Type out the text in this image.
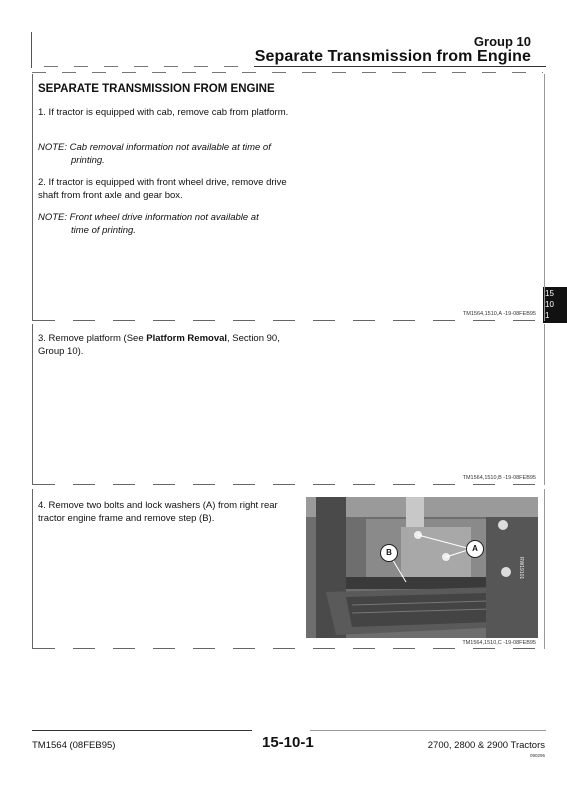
Group 10
Separate Transmission from Engine
15
10
1
SEPARATE TRANSMISSION FROM ENGINE
1. If tractor is equipped with cab, remove cab from platform.
NOTE: Cab removal information not available at time of
printing.
2. If tractor is equipped with front wheel drive, remove drive shaft from front axle and gear box.
NOTE: Front wheel drive information not available at
time of printing.
TM1564,1510,A -19-08FEB95
3. Remove platform (See Platform Removal, Section 90, Group 10).
TM1564,1510,B -19-08FEB95
4. Remove two bolts and lock washers (A) from right rear tractor engine frame and remove step (B).
TM1564,1510,C -19-08FEB95
A
B
RW19101
TM1564 (08FEB95)	15-10-1	2700, 2800 & 2900 Tractors
090295
